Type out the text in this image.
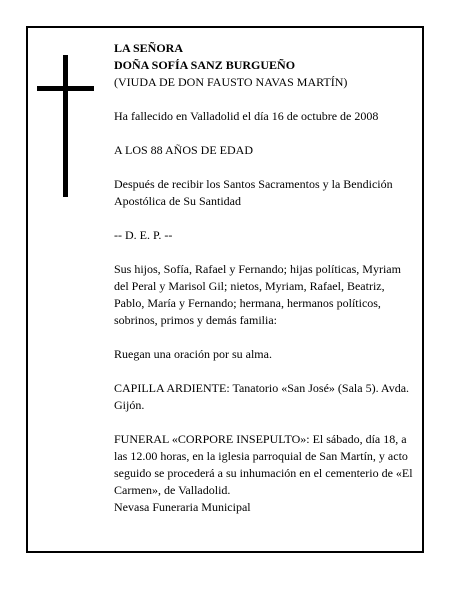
LA SEÑORA

DOÑA SOFÍA SANZ BURGUEÑO

(VIUDA DE DON FAUSTO NAVAS MARTÍN)

Ha fallecido en Valladolid el día 16 de octubre de 2008

A LOS 88 AÑOS DE EDAD

Después de recibir los Santos Sacramentos y la Bendición Apostólica de Su Santidad

-- D. E. P. --

Sus hijos, Sofía, Rafael y Fernando; hijas políticas, Myriam del Peral y Marisol Gil; nietos, Myriam, Rafael, Beatriz, Pablo, María y Fernando; hermana, hermanos políticos, sobrinos, primos y demás familia:

Ruegan una oración por su alma.

CAPILLA ARDIENTE: Tanatorio «San José» (Sala 5). Avda. Gijón.

FUNERAL «CORPORE INSEPULTO»: El sábado, día 18, a las 12.00 horas, en la iglesia parroquial de San Martín, y acto seguido se procederá a su inhumación en el cementerio de «El Carmen», de Valladolid.

Nevasa Funeraria Municipal
